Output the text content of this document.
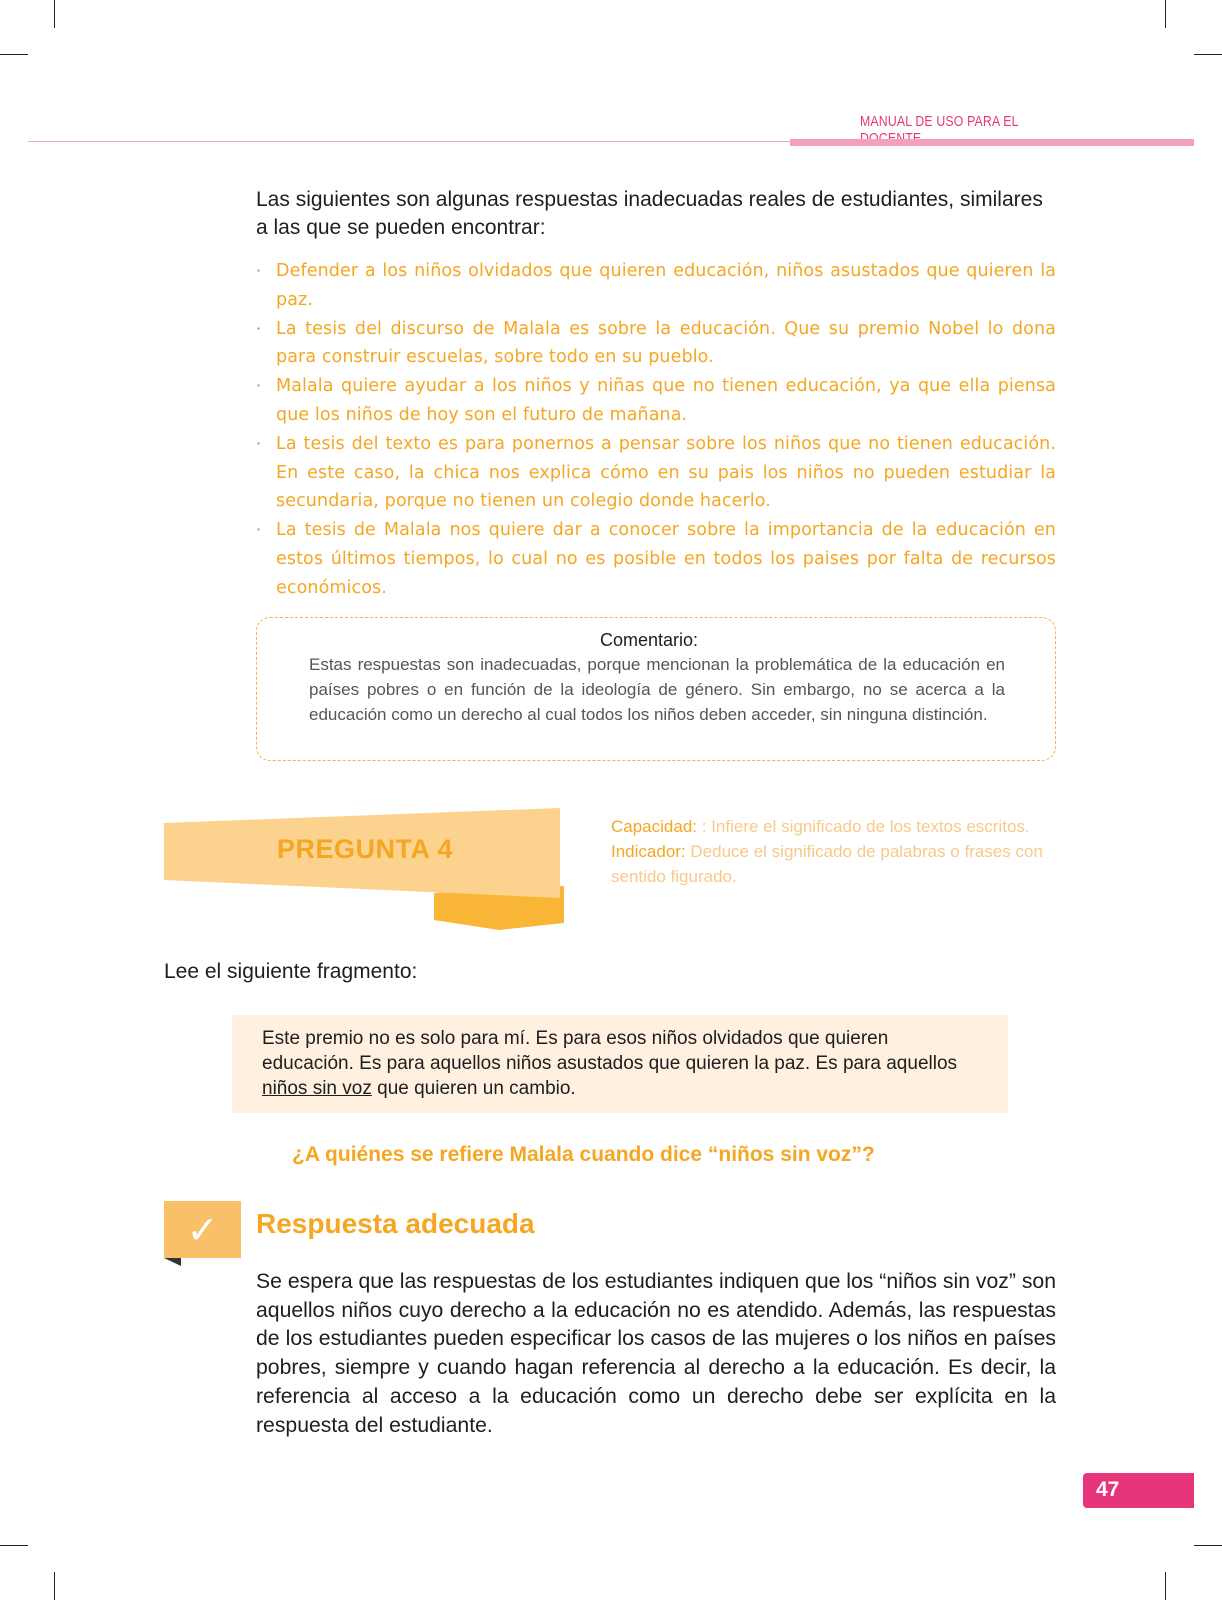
MANUAL DE USO PARA EL
Las siguientes son algunas respuestas inadecuadas reales de estudiantes, similares a las que se pueden encontrar:
· Defender a los niños olvidados que quieren educación, niños asustados que quieren la paz.
· La tesis del discurso de Malala es sobre la educación. Que su premio Nobel lo dona para construir escuelas, sobre todo en su pueblo.
· Malala quiere ayudar a los niños y niñas que no tienen educación, ya que ella piensa que los niños de hoy son el futuro de mañana.
· La tesis del texto es para ponernos a pensar sobre los niños que no tienen educación. En este caso, la chica nos explica cómo en su pais los niños no pueden estudiar la secundaria, porque no tienen un colegio donde hacerlo.
· La tesis de Malala nos quiere dar a conocer sobre la importancia de la educación en estos últimos tiempos, lo cual no es posible en todos los paises por falta de recursos económicos.
Comentario:
Estas respuestas son inadecuadas, porque mencionan la problemática de la educación en países pobres o en función de la ideología de género. Sin embargo, no se acerca a la educación como un derecho al cual todos los niños deben acceder, sin ninguna distinción.
PREGUNTA 4
Capacidad: : Infiere el significado de los textos escritos.
Indicador: Deduce el significado de palabras o frases con sentido figurado.
Lee el siguiente fragmento:
Este premio no es solo para mí. Es para esos niños olvidados que quieren educación. Es para aquellos niños asustados que quieren la paz. Es para aquellos niños sin voz que quieren un cambio.
¿A quiénes se refiere Malala cuando dice “niños sin voz”?
✓	Respuesta adecuada
Se espera que las respuestas de los estudiantes indiquen que los “niños sin voz” son aquellos niños cuyo derecho a la educación no es atendido. Además, las respuestas de los estudiantes pueden especificar los casos de las mujeres o los niños en países pobres, siempre y cuando hagan referencia al derecho a la educación. Es decir, la referencia al acceso a la educación como un derecho debe ser explícita en la respuesta del estudiante.
47
